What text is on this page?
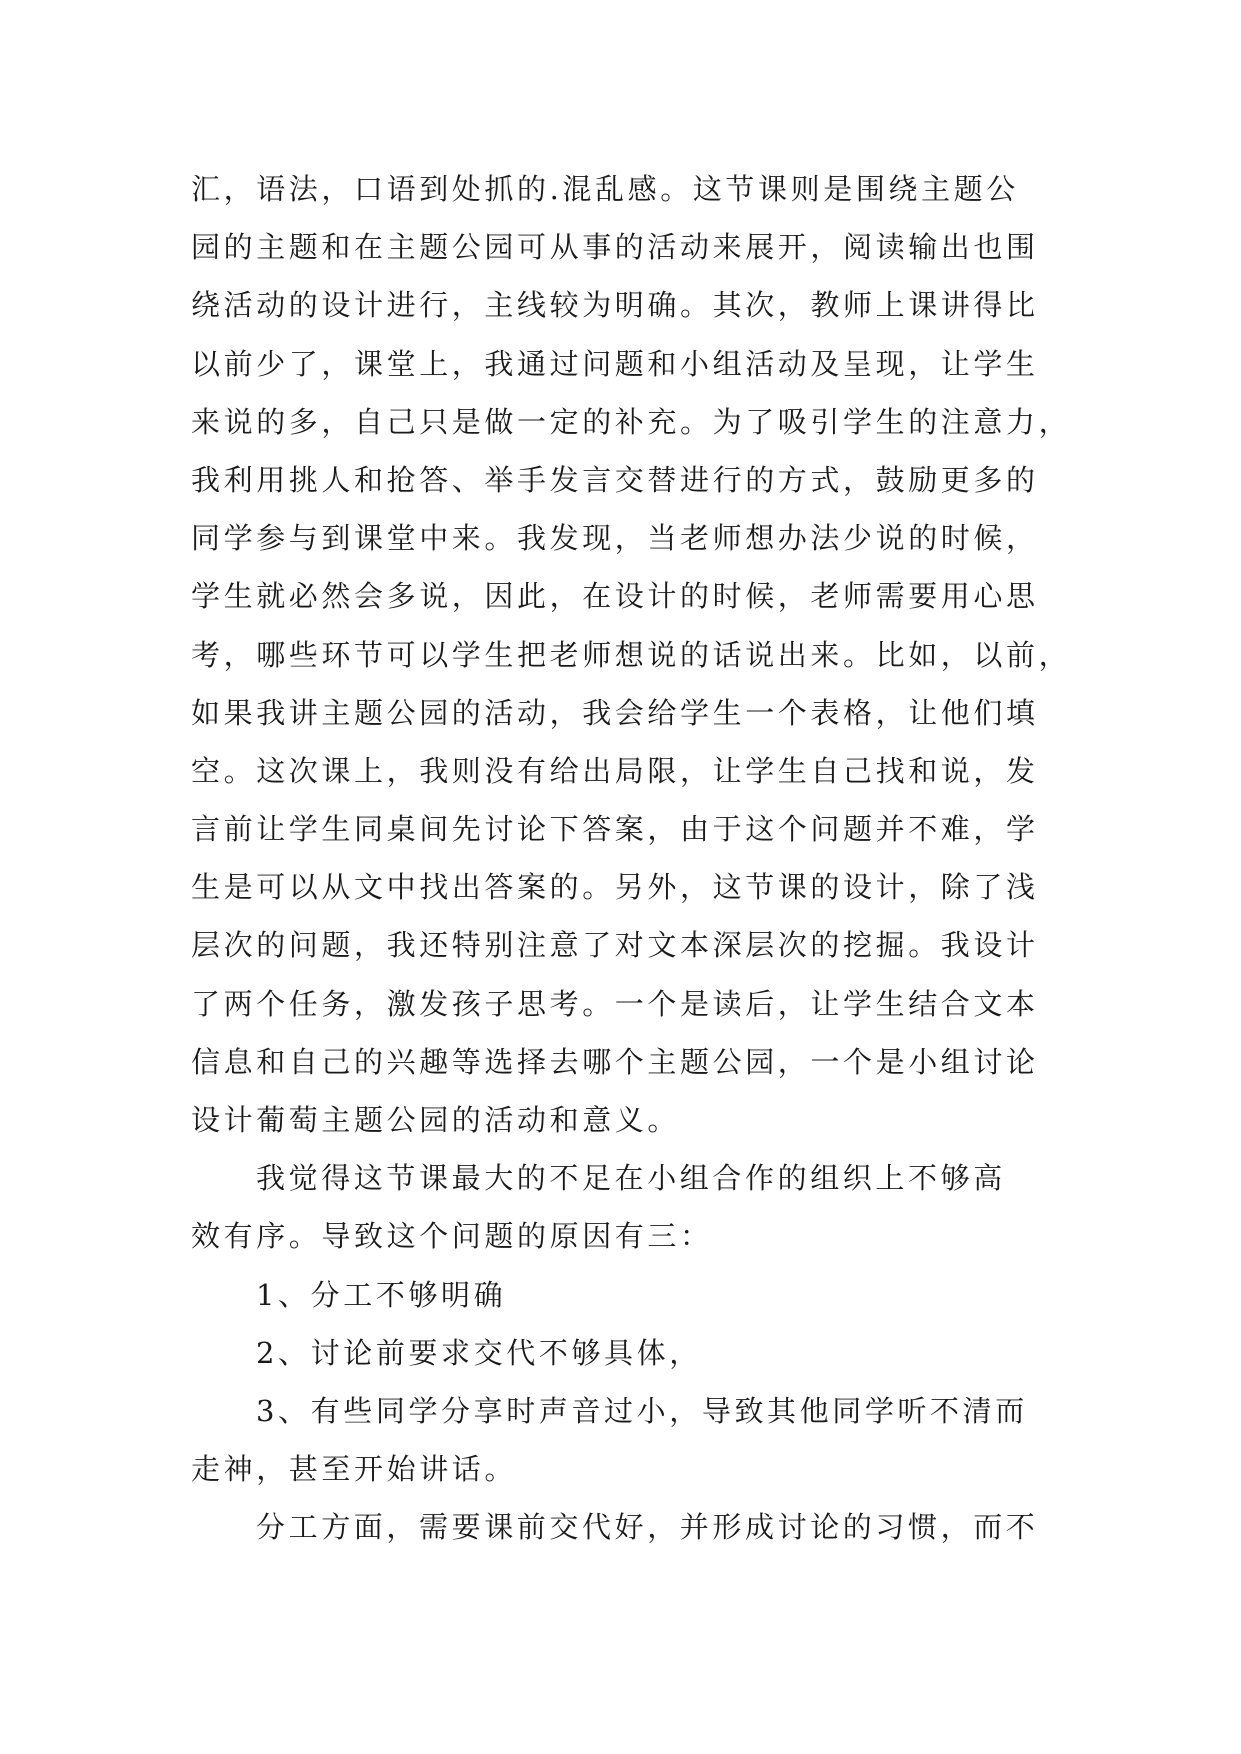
汇，语法，口语到处抓的.混乱感。这节课则是围绕主题公
园的主题和在主题公园可从事的活动来展开，阅读输出也围
绕活动的设计进行，主线较为明确。其次，教师上课讲得比
以前少了，课堂上，我通过问题和小组活动及呈现，让学生
来说的多，自己只是做一定的补充。为了吸引学生的注意力，
我利用挑人和抢答、举手发言交替进行的方式，鼓励更多的
同学参与到课堂中来。我发现，当老师想办法少说的时候，
学生就必然会多说，因此，在设计的时候，老师需要用心思
考，哪些环节可以学生把老师想说的话说出来。比如，以前，
如果我讲主题公园的活动，我会给学生一个表格，让他们填
空。这次课上，我则没有给出局限，让学生自己找和说，发
言前让学生同桌间先讨论下答案，由于这个问题并不难，学
生是可以从文中找出答案的。另外，这节课的设计，除了浅
层次的问题，我还特别注意了对文本深层次的挖掘。我设计
了两个任务，激发孩子思考。一个是读后，让学生结合文本
信息和自己的兴趣等选择去哪个主题公园，一个是小组讨论
设计葡萄主题公园的活动和意义。
我觉得这节课最大的不足在小组合作的组织上不够高
效有序。导致这个问题的原因有三：
1、分工不够明确
2、讨论前要求交代不够具体，
3、有些同学分享时声音过小，导致其他同学听不清而
走神，甚至开始讲话。
分工方面，需要课前交代好，并形成讨论的习惯，而不
